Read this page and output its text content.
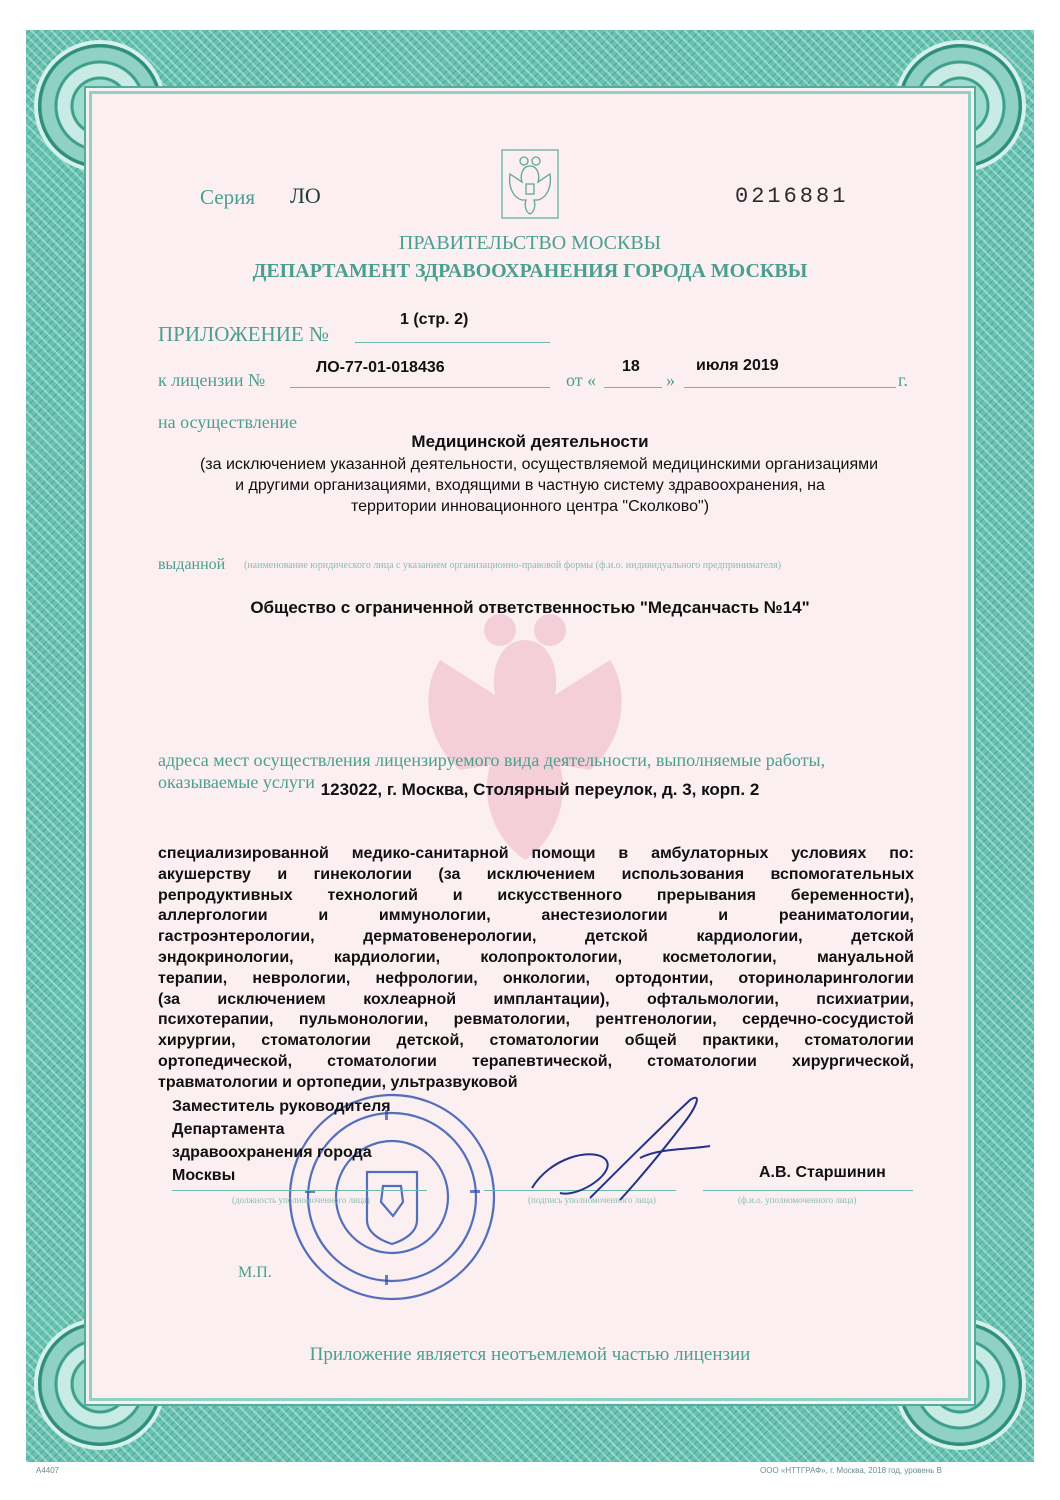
Серия ЛО	0216881
ПРАВИТЕЛЬСТВО МОСКВЫ
ДЕПАРТАМЕНТ ЗДРАВООХРАНЕНИЯ ГОРОДА МОСКВЫ
ПРИЛОЖЕНИЕ №
1 (стр. 2)
к лицензии №
ЛО-77-01-018436
от «
18
»
июля 2019
г.
на осуществление
Медицинской деятельности
(за исключением указанной деятельности, осуществляемой медицинскими организациями
и другими организациями, входящими в частную систему здравоохранения, на
территории инновационного центра "Сколково")
выданной (наименование юридического лица с указанием организационно-правовой формы (ф.и.о. индивидуального предпринимателя)
Общество с ограниченной ответственностью "Медсанчасть №14"
адреса мест осуществления лицензируемого вида деятельности, выполняемые работы,
оказываемые услуги 123022, г. Москва, Столярный переулок, д. 3, корп. 2
специализированной медико-санитарной помощи в амбулаторных условиях по:
акушерству и гинекологии (за исключением использования вспомогательных
репродуктивных технологий и искусственного прерывания беременности),
аллергологии и иммунологии, анестезиологии и реаниматологии,
гастроэнтерологии, дерматовенерологии, детской кардиологии, детской
эндокринологии, кардиологии, колопроктологии, косметологии, мануальной
терапии, неврологии, нефрологии, онкологии, ортодонтии, оториноларингологии
(за исключением кохлеарной имплантации), офтальмологии, психиатрии,
психотерапии, пульмонологии, ревматологии, рентгенологии, сердечно-сосудистой
хирургии, стоматологии детской, стоматологии общей практики, стоматологии
ортопедической, стоматологии терапевтической, стоматологии хирургической,
травматологии и ортопедии, ультразвуковой
Заместитель руководителя
Департамента
здравоохранения города
Москвы	А.В. Старшинин
(должность уполномоченного лица)	(подпись уполномоченного лица)	(ф.и.о. уполномоченного лица)
М.П.
Приложение является неотъемлемой частью лицензии
А4407	ООО «НТТГРАФ», г. Москва, 2018 год, уровень В
